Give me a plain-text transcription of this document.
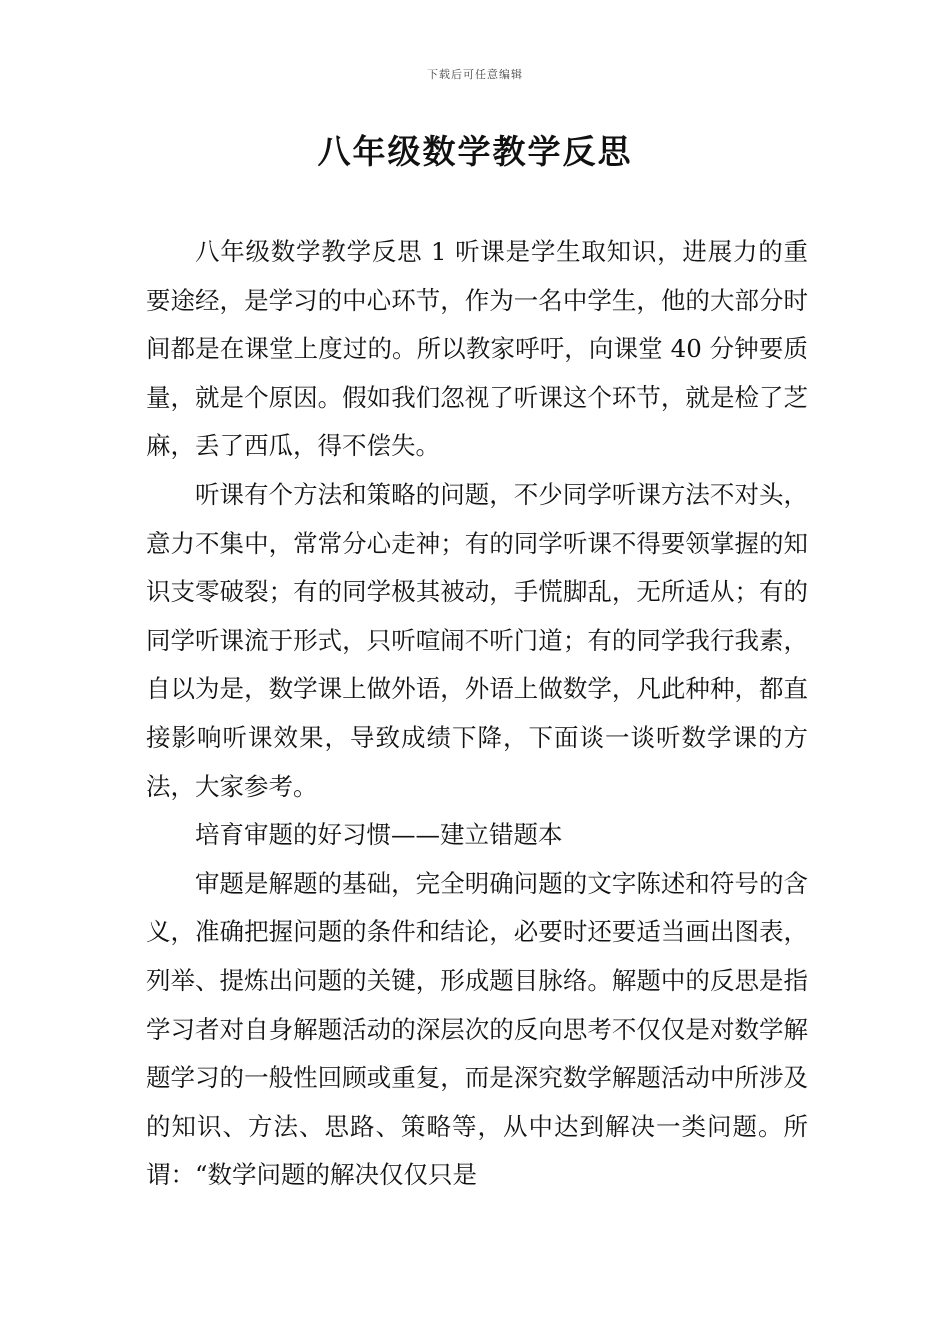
下载后可任意编辑
八年级数学教学反思

八年级数学教学反思 1 听课是学生取知识，进展力的重要途经，是学习的中心环节，作为一名中学生，他的大部分时间都是在课堂上度过的。所以教家呼吁，向课堂 40 分钟要质量，就是个原因。假如我们忽视了听课这个环节，就是检了芝麻，丢了西瓜，得不偿失。

听课有个方法和策略的问题，不少同学听课方法不对头，意力不集中，常常分心走神；有的同学听课不得要领掌握的知识支零破裂；有的同学极其被动，手慌脚乱，无所适从；有的同学听课流于形式，只听喧闹不听门道；有的同学我行我素，自以为是，数学课上做外语，外语上做数学，凡此种种，都直接影响听课效果，导致成绩下降，下面谈一谈听数学课的方法，大家参考。

培育审题的好习惯——建立错题本

审题是解题的基础，完全明确问题的文字陈述和符号的含义，准确把握问题的条件和结论，必要时还要适当画出图表，列举、提炼出问题的关键，形成题目脉络。解题中的反思是指学习者对自身解题活动的深层次的反向思考不仅仅是对数学解题学习的一般性回顾或重复，而是深究数学解题活动中所涉及的知识、方法、思路、策略等，从中达到解决一类问题。所谓：“数学问题的解决仅仅只是
